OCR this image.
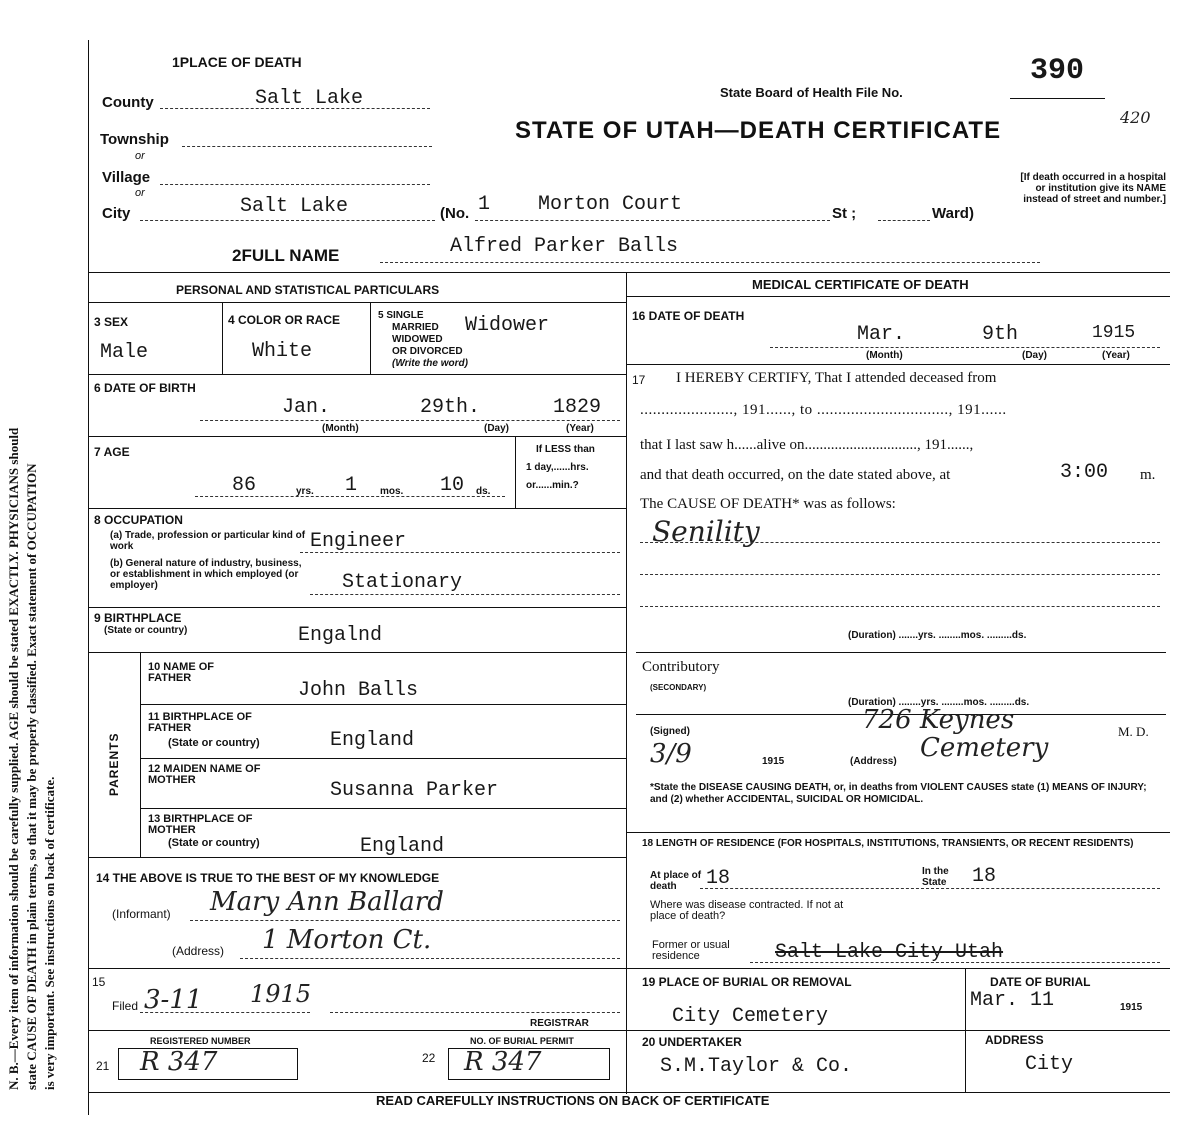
N. B.—Every item of information should be carefully supplied. AGE should be stated EXACTLY. PHYSICIANS should state CAUSE OF DEATH in plain terms, so that it may be properly classified. Exact statement of OCCUPATION is very important. See instructions on back of certificate.
1PLACE OF DEATH
State Board of Health File No.
390
420
STATE OF UTAH—DEATH CERTIFICATE
[If death occurred in a hospital or institution give its NAME instead of street and number.]
County	Salt Lake
Township
or
Village
or
City	Salt Lake	(No. 1 Morton Court	St ;	Ward)
2FULL NAME	Alfred Parker Balls
PERSONAL AND STATISTICAL PARTICULARS
3 SEX
Male
4 COLOR OR RACE
White
5 SINGLE
MARRIED
WIDOWED
OR DIVORCED
(Write the word)
Widower
6 DATE OF BIRTH
Jan.	29th.	1829
(Month)	(Day)	(Year)
7 AGE
86	yrs. 1 mos. 10 ds.
If LESS than
1 day,......hrs.
or......min.?
8 OCCUPATION
(a) Trade, profession or particular kind of work	Engineer
(b) General nature of industry, business, or establishment in which employed (or employer)	Stationary
9 BIRTHPLACE
(State or country)	Engalnd
PARENTS
10 NAME OF FATHER
John Balls
11 BIRTHPLACE OF FATHER
(State or country)	England
12 MAIDEN NAME OF MOTHER	Susanna Parker
13 BIRTHPLACE OF MOTHER
(State or country)	England
14 THE ABOVE IS TRUE TO THE BEST OF MY KNOWLEDGE
(Informant) Mary Ann Ballard
(Address) 1 Morton Ct.
15
Filed 3-11 1915
REGISTRAR
21
REGISTERED NUMBER
R 347	22
NO. OF BURIAL PERMIT
R 347
MEDICAL CERTIFICATE OF DEATH
16 DATE OF DEATH
Mar.	9th	1915
(Month)	(Day)	(Year)
17 I HEREBY CERTIFY, That I attended deceased from
......................, 191......, to ..............................., 191......
that I last saw h......alive on.............................., 191......,
and that death occurred, on the date stated above, at	3:00 m.
The CAUSE OF DEATH* was as follows:
Senility
(Duration) .......yrs. ........mos. .........ds.
Contributory
(SECONDARY)
(Duration) ........yrs. ........mos. .........ds.
(Signed)	726 Keynes	M. D.
3/9	1915	(Address) Cemetery
*State the DISEASE CAUSING DEATH, or, in deaths from VIOLENT CAUSES state (1) MEANS OF INJURY; and (2) whether ACCIDENTAL, SUICIDAL OR HOMICIDAL.
18 LENGTH OF RESIDENCE (FOR HOSPITALS, INSTITUTIONS, TRANSIENTS, OR RECENT RESIDENTS)
At place of death	18	In the State	18
Where was disease contracted. If not at place of death?
Former or usual residence	Salt Lake City Utah
19 PLACE OF BURIAL OR REMOVAL
City Cemetery
DATE OF BURIAL
Mar. 11	1915
20 UNDERTAKER
S.M.Taylor & Co.
ADDRESS
City
READ CAREFULLY INSTRUCTIONS ON BACK OF CERTIFICATE
